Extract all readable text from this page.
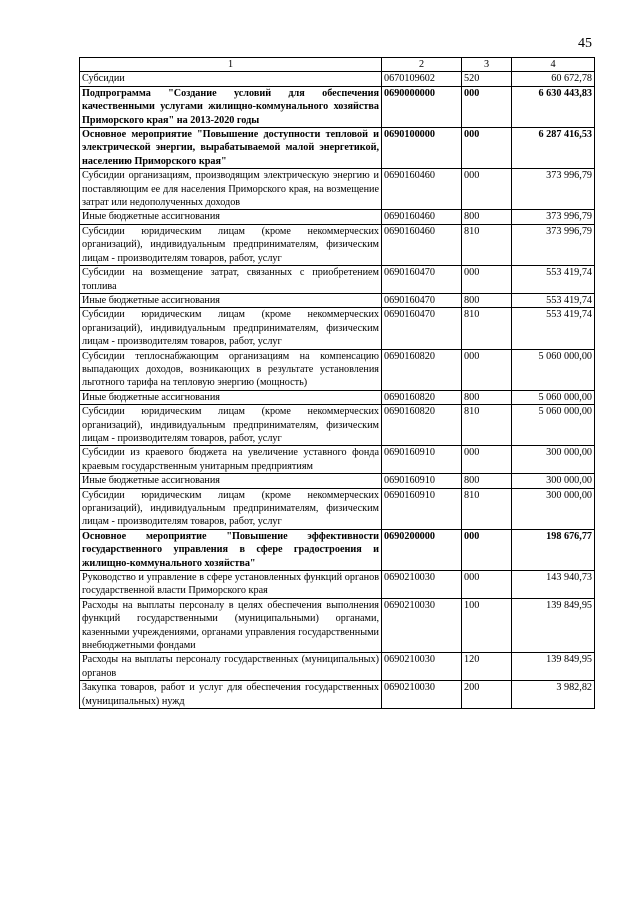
45
1	2	3	4
Субсидии	0670109602	520	60 672,78
Подпрограмма "Создание условий для обеспечения качественными услугами жилищно-коммунального хозяйства Приморского края" на 2013-2020 годы	0690000000	000	6 630 443,83
Основное мероприятие "Повышение доступности тепловой и электрической энергии, вырабатываемой малой энергетикой, населению Приморского края"	0690100000	000	6 287 416,53
Субсидии организациям, производящим электрическую энергию и поставляющим ее для населения Приморского края, на возмещение затрат или недополученных доходов	0690160460	000	373 996,79
Иные бюджетные ассигнования	0690160460	800	373 996,79
Субсидии юридическим лицам (кроме некоммерческих организаций), индивидуальным предпринимателям, физическим лицам - производителям товаров, работ, услуг	0690160460	810	373 996,79
Субсидии на возмещение затрат, связанных с приобретением топлива	0690160470	000	553 419,74
Иные бюджетные ассигнования	0690160470	800	553 419,74
Субсидии юридическим лицам (кроме некоммерческих организаций), индивидуальным предпринимателям, физическим лицам - производителям товаров, работ, услуг	0690160470	810	553 419,74
Субсидии теплоснабжающим организациям на компенсацию выпадающих доходов, возникающих в результате установления льготного тарифа на тепловую энергию (мощность)	0690160820	000	5 060 000,00
Иные бюджетные ассигнования	0690160820	800	5 060 000,00
Субсидии юридическим лицам (кроме некоммерческих организаций), индивидуальным предпринимателям, физическим лицам - производителям товаров, работ, услуг	0690160820	810	5 060 000,00
Субсидии из краевого бюджета на увеличение уставного фонда краевым государственным унитарным предприятиям	0690160910	000	300 000,00
Иные бюджетные ассигнования	0690160910	800	300 000,00
Субсидии юридическим лицам (кроме некоммерческих организаций), индивидуальным предпринимателям, физическим лицам - производителям товаров, работ, услуг	0690160910	810	300 000,00
Основное мероприятие "Повышение эффективности государственного управления в сфере градостроения и жилищно-коммунального хозяйства"	0690200000	000	198 676,77
Руководство и управление в сфере установленных функций органов государственной власти Приморского края	0690210030	000	143 940,73
Расходы на выплаты персоналу в целях обеспечения выполнения функций государственными (муниципальными) органами, казенными учреждениями, органами управления государственными внебюджетными фондами	0690210030	100	139 849,95
Расходы на выплаты персоналу государственных (муниципальных) органов	0690210030	120	139 849,95
Закупка товаров, работ и услуг для обеспечения государственных (муниципальных) нужд	0690210030	200	3 982,82
